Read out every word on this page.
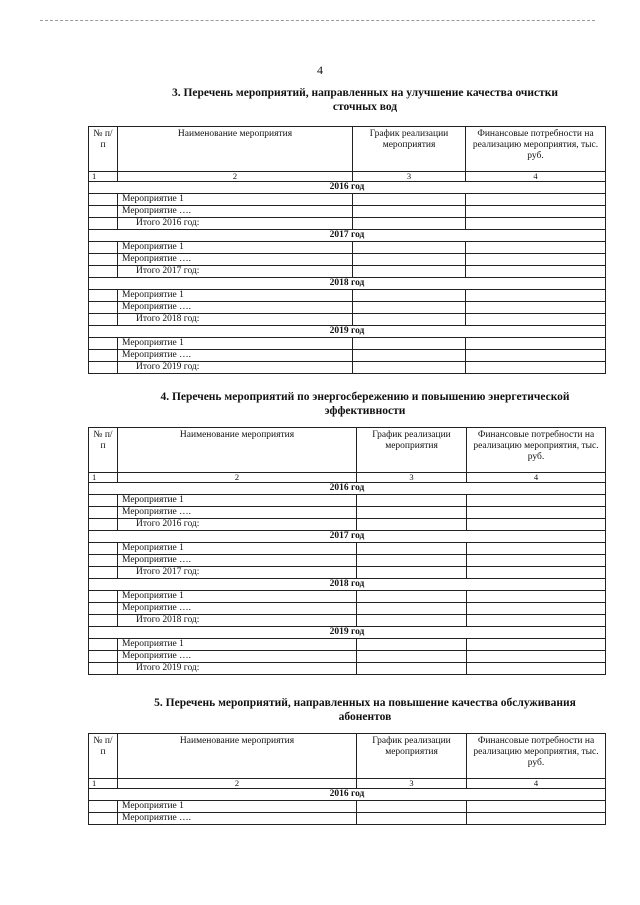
4
3. Перечень мероприятий, направленных на улучшение качества очистки
сточных вод
№ п/п	Наименование мероприятия	График реализации мероприятия	Финансовые потребности на реализацию мероприятия, тыс. руб.
1	2	3	4
2016 год			
	Мероприятие 1		
	Мероприятие ….		
	Итого 2016 год:		
2017 год			
	Мероприятие 1		
	Мероприятие ….		
	Итого 2017 год:		
2018 год			
	Мероприятие 1		
	Мероприятие ….		
	Итого 2018 год:		
2019 год			
	Мероприятие 1		
	Мероприятие ….		
	Итого 2019 год:		
4. Перечень мероприятий по энергосбережению и повышению энергетической
эффективности
№ п/п	Наименование мероприятия	График реализации мероприятия	Финансовые потребности на реализацию мероприятия, тыс. руб.
1	2	3	4
2016 год			
	Мероприятие 1		
	Мероприятие ….		
	Итого 2016 год:		
2017 год			
	Мероприятие 1		
	Мероприятие ….		
	Итого 2017 год:		
2018 год			
	Мероприятие 1		
	Мероприятие ….		
	Итого 2018 год:		
2019 год			
	Мероприятие 1		
	Мероприятие ….		
	Итого 2019 год:		
5. Перечень мероприятий, направленных на повышение качества обслуживания
абонентов
№ п/п	Наименование мероприятия	График реализации мероприятия	Финансовые потребности на реализацию мероприятия, тыс. руб.
1	2	3	4
2016 год			
	Мероприятие 1		
	Мероприятие ….		
